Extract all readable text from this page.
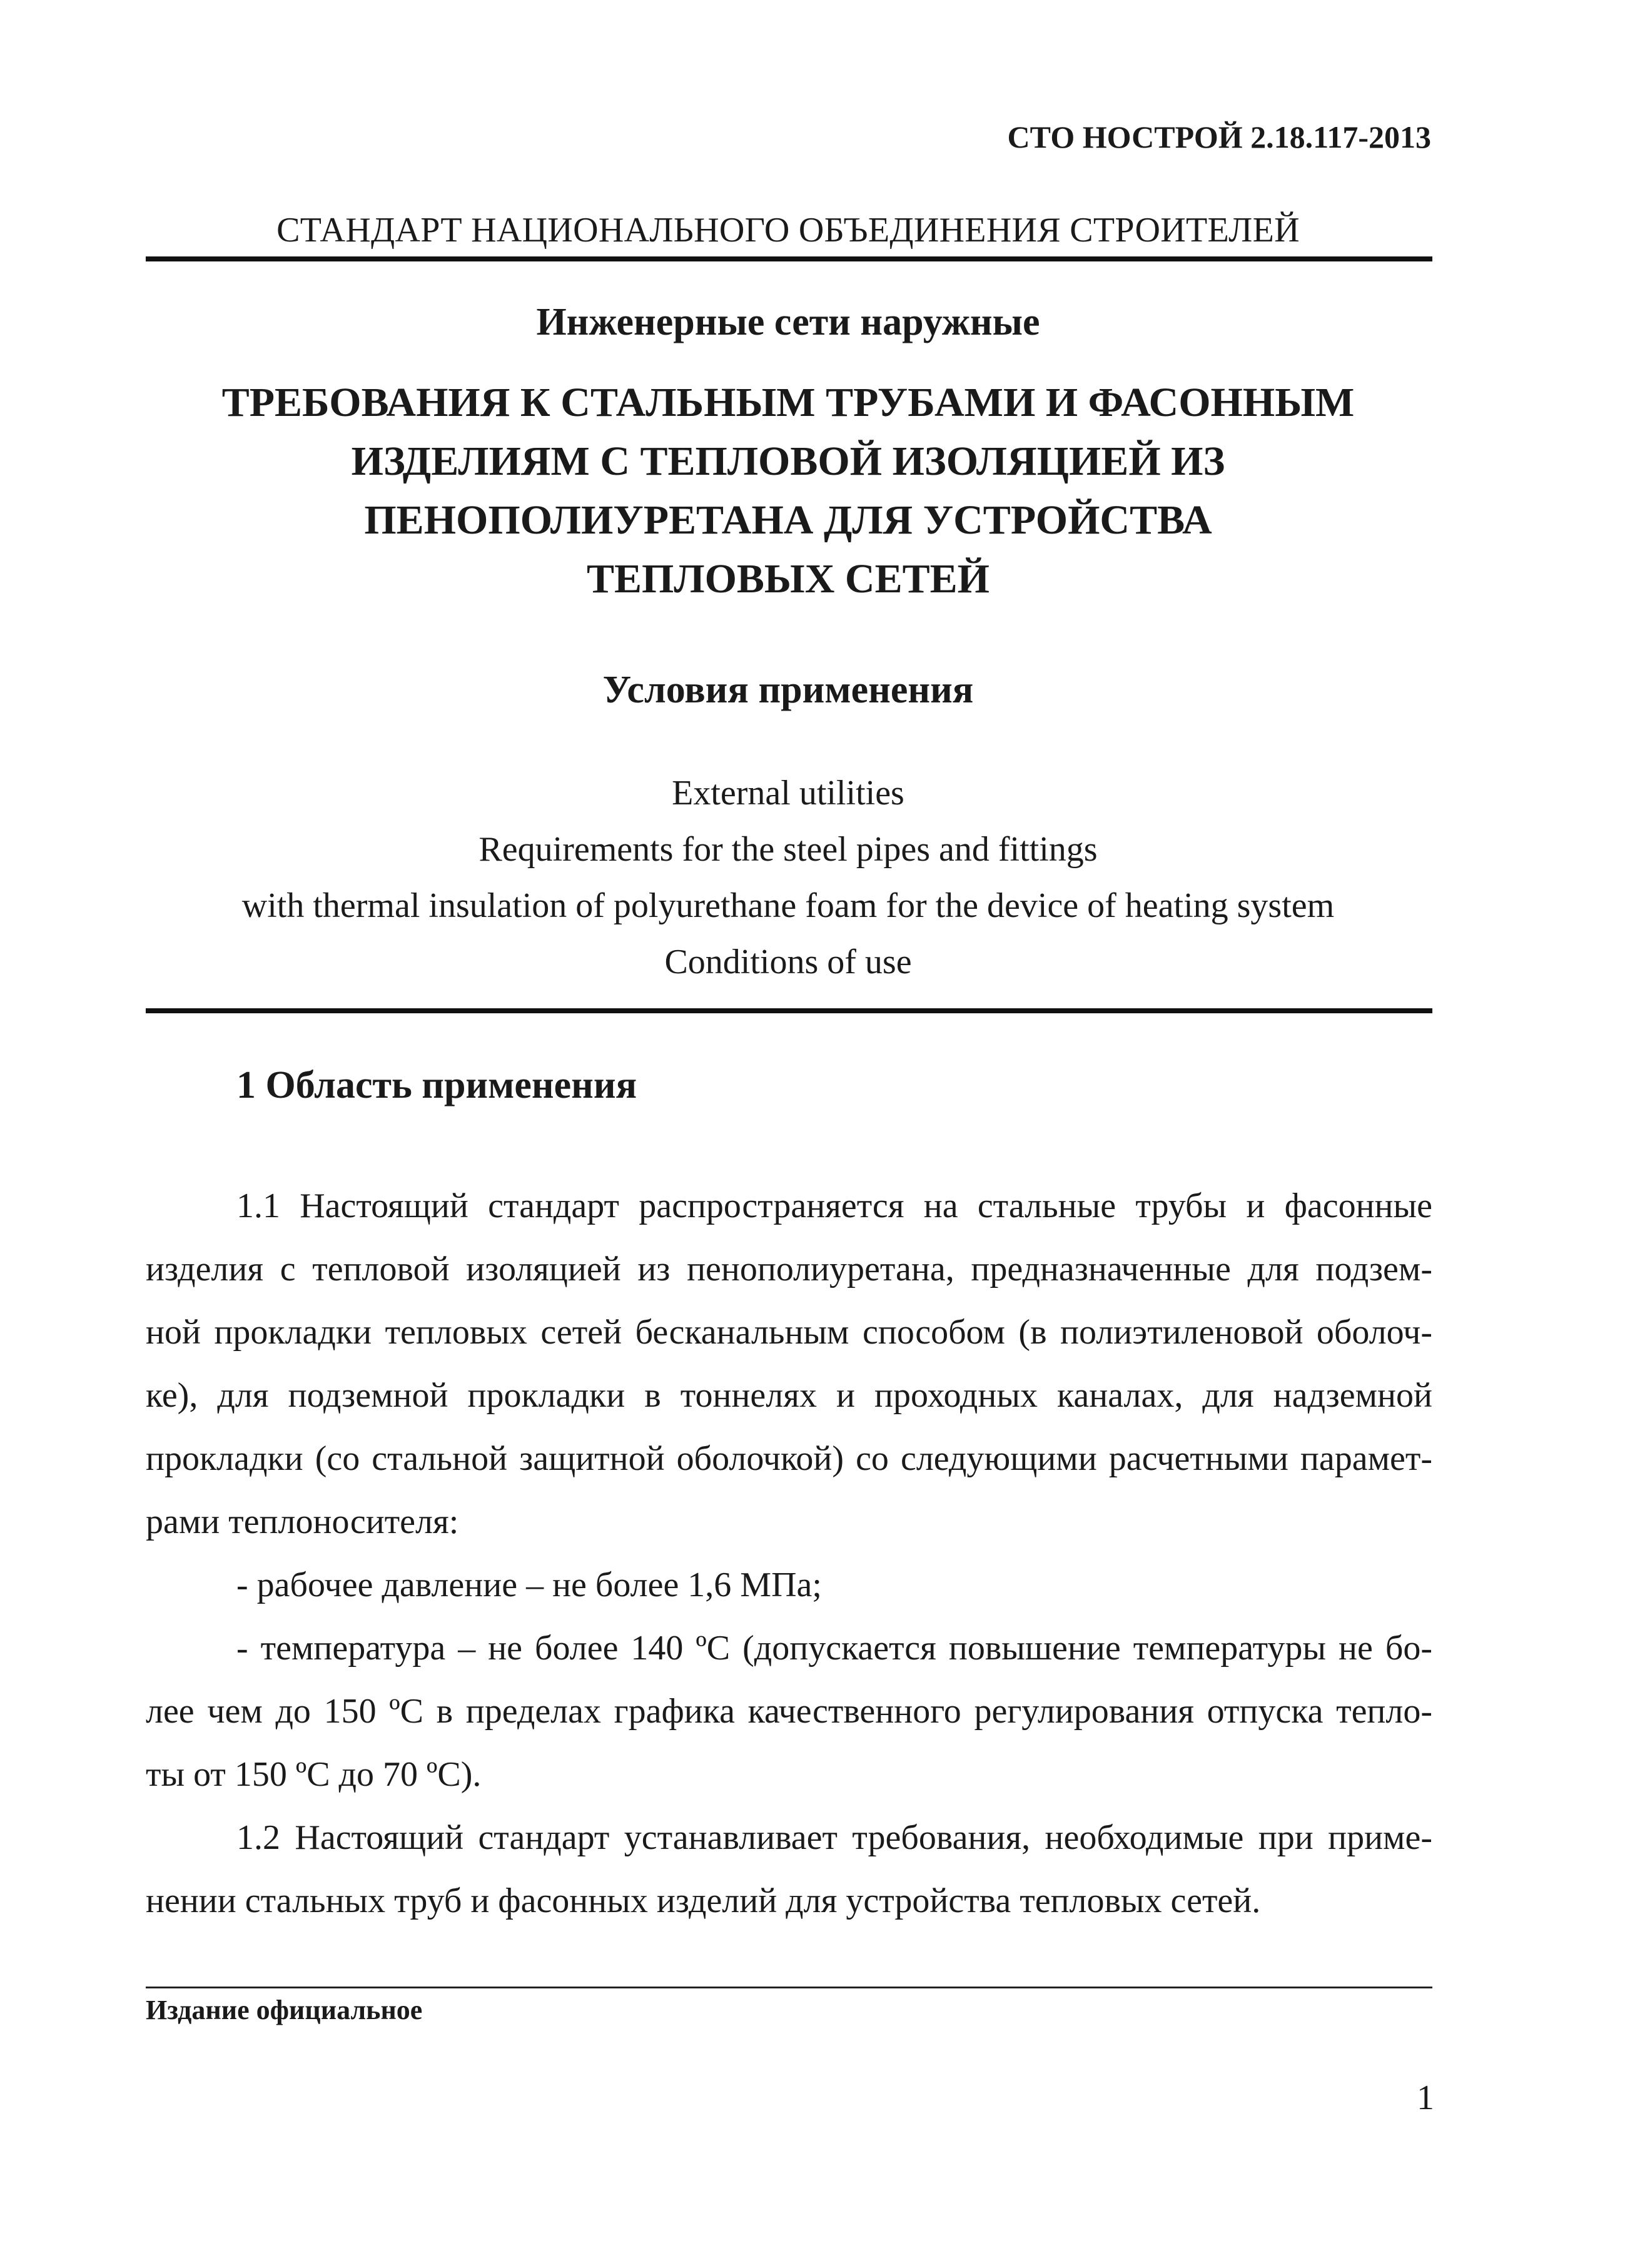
СТО НОСТРОЙ 2.18.117-2013
СТАНДАРТ НАЦИОНАЛЬНОГО ОБЪЕДИНЕНИЯ СТРОИТЕЛЕЙ
Инженерные сети наружные
ТРЕБОВАНИЯ К СТАЛЬНЫМ ТРУБАМИ И ФАСОННЫМ
ИЗДЕЛИЯМ С ТЕПЛОВОЙ ИЗОЛЯЦИЕЙ ИЗ
ПЕНОПОЛИУРЕТАНА ДЛЯ УСТРОЙСТВА
ТЕПЛОВЫХ СЕТЕЙ
Условия применения
External utilities
Requirements for the steel pipes and fittings
with thermal insulation of polyurethane foam for the device of heating system
Conditions of use
1 Область применения
1.1 Настоящий стандарт распространяется на стальные трубы и фасонные
изделия с тепловой изоляцией из пенополиуретана, предназначенные для подзем-
ной прокладки тепловых сетей бесканальным способом (в полиэтиленовой оболоч-
ке), для подземной прокладки в тоннелях и проходных каналах, для надземной
прокладки (со стальной защитной оболочкой) со следующими расчетными парамет-
рами теплоносителя:
- рабочее давление – не более 1,6 МПа;
- температура – не более 140 ºС (допускается повышение температуры не бо-
лее чем до 150 ºС в пределах графика качественного регулирования отпуска тепло-
ты от 150 ºС до 70 ºС).
1.2 Настоящий стандарт устанавливает требования, необходимые при приме-
нении стальных труб и фасонных изделий для устройства тепловых сетей.
Издание официальное
1
